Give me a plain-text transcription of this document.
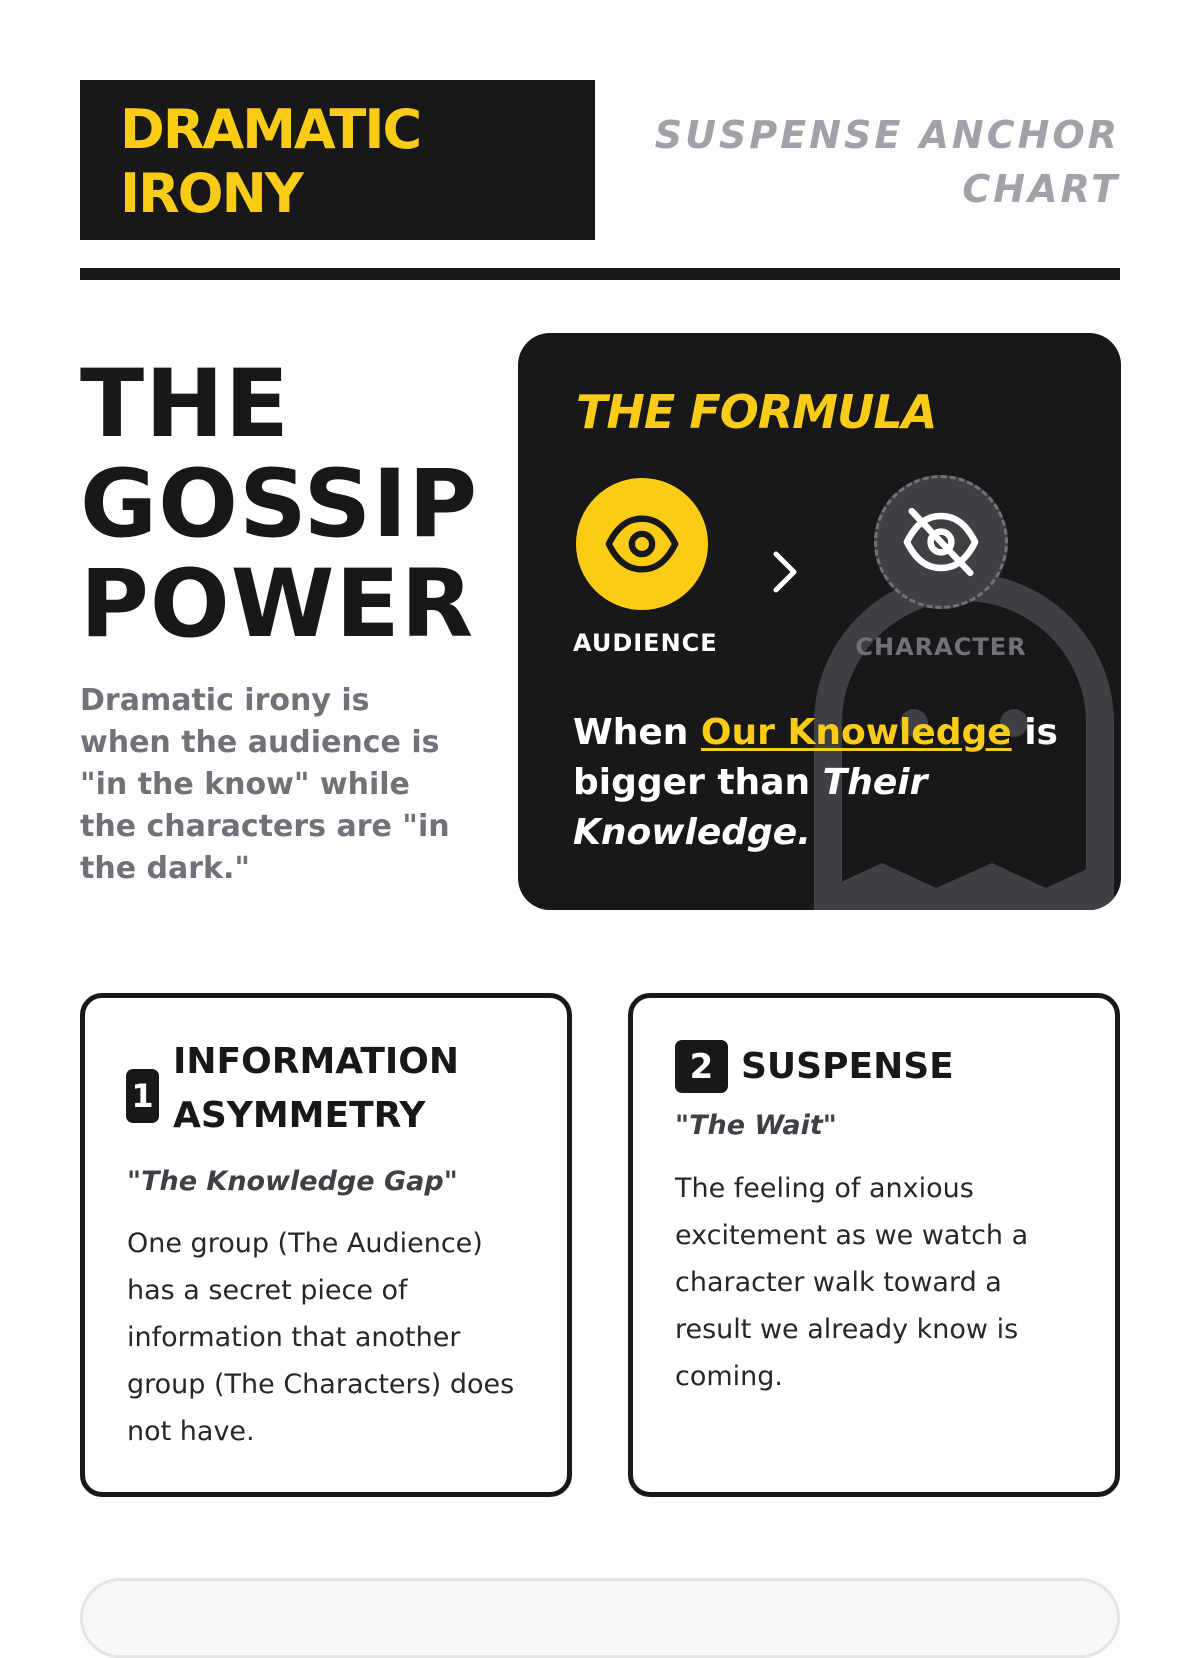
DRAMATIC
IRONY
SUSPENSE ANCHOR
CHART
THE
GOSSIP
POWER
Dramatic irony is when the audience is "in the know" while the characters are "in the dark."
THE FORMULA
AUDIENCE	CHARACTER
When Our Knowledge is bigger than Their Knowledge.
1
INFORMATION
ASYMMETRY
"The Knowledge Gap"
One group (The Audience) has a secret piece of information that another group (The Characters) does not have.
2 SUSPENSE
"The Wait"
The feeling of anxious excitement as we watch a character walk toward a result we already know is coming.
